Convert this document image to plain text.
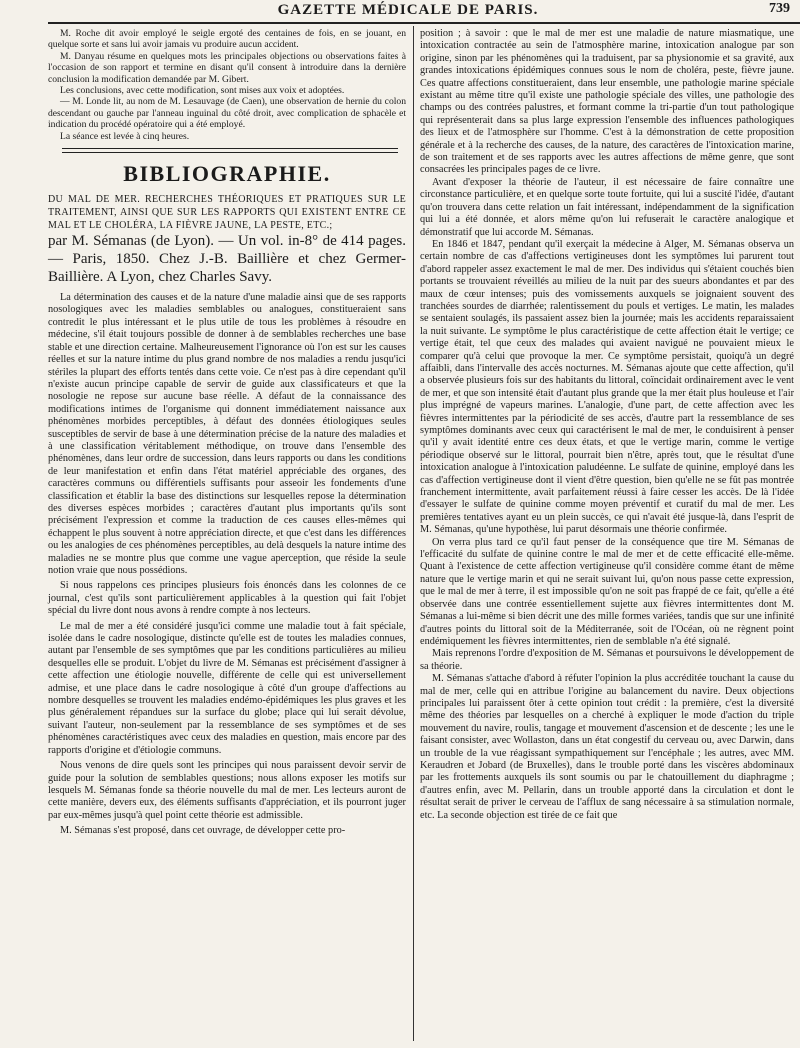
GAZETTE MÉDICALE DE PARIS.	739

M. Roche dit avoir employé le seigle ergoté des centaines de fois, en se jouant, en quelque sorte et sans lui avoir jamais vu produire aucun accident.

M. Danyau résume en quelques mots les principales objections ou observations faites à l'occasion de son rapport et termine en disant qu'il consent à introduire dans la dernière conclusion la modification demandée par M. Gibert.

Les conclusions, avec cette modification, sont mises aux voix et adoptées.

— M. Londe lit, au nom de M. Lesauvage (de Caen), une observation de hernie du colon descendant ou gauche par l'anneau inguinal du côté droit, avec complication de sphacèle et indication du procédé opératoire qui a été employé.

La séance est levée à cinq heures.

BIBLIOGRAPHIE.

DU MAL DE MER. RECHERCHES THÉORIQUES ET PRATIQUES SUR LE TRAITEMENT, AINSI QUE SUR LES RAPPORTS QUI EXISTENT ENTRE CE MAL ET LE CHOLÉRA, LA FIÈVRE JAUNE, LA PESTE, ETC.;

par M. Sémanas (de Lyon). — Un vol. in-8° de 414 pages. — Paris, 1850. Chez J.-B. Baillière et chez Germer-Baillière. A Lyon, chez Charles Savy.

La détermination des causes et de la nature d'une maladie ainsi que de ses rapports nosologiques avec les maladies semblables ou analogues, constitueraient sans contredit le plus intéressant et le plus utile de tous les problèmes à résoudre en médecine, s'il était toujours possible de donner à de semblables recherches une base stable et une direction certaine. Malheureusement l'ignorance où l'on est sur les causes réelles et sur la nature intime du plus grand nombre de nos maladies a rendu jusqu'ici stériles la plupart des efforts tentés dans cette voie. Ce n'est pas à dire cependant qu'il n'existe aucun principe capable de servir de guide aux classificateurs et que la nosologie ne repose sur aucune base réelle. A défaut de la connaissance des modifications intimes de l'organisme qui donnent immédiatement naissance aux phénomènes morbides perceptibles, à défaut des données étiologiques seules susceptibles de servir de base à une détermination précise de la nature des maladies et à une classification véritablement méthodique, on trouve dans l'ensemble des phénomènes, dans leur ordre de succession, dans leurs rapports ou dans les conditions de leur manifestation et enfin dans l'état matériel appréciable des organes, des caractères communs ou différentiels suffisants pour asseoir les fondements d'une classification et établir la base des distinctions sur lesquelles repose la détermination des diverses espèces morbides ; caractères d'autant plus importants qu'ils sont précisément l'expression et comme la traduction de ces causes elles-mêmes qui échappent le plus souvent à notre appréciation directe, et que c'est dans les différences ou les analogies de ces phénomènes perceptibles, au delà desquels la nature intime des maladies ne se montre plus que comme une vague aperception, que réside la seule notion vraie que nous possédions.

Si nous rappelons ces principes plusieurs fois énoncés dans les colonnes de ce journal, c'est qu'ils sont particulièrement applicables à la question qui fait l'objet spécial du livre dont nous avons à rendre compte à nos lecteurs.

Le mal de mer a été considéré jusqu'ici comme une maladie tout à fait spéciale, isolée dans le cadre nosologique, distincte qu'elle est de toutes les maladies connues, autant par l'ensemble de ses symptômes que par les conditions particulières au milieu desquelles elle se produit. L'objet du livre de M. Sémanas est précisément d'assigner à cette affection une étiologie nouvelle, différente de celle qui est universellement admise, et une place dans le cadre nosologique à côté d'un groupe d'affections au nombre desquelles se trouvent les maladies endémo-épidémiques les plus graves et les plus généralement répandues sur la surface du globe; place qui lui serait dévolue, suivant l'auteur, non-seulement par la ressemblance de ses symptômes et de ses phénomènes caractéristiques avec ceux des maladies en question, mais encore par des rapports d'origine et d'étiologie communs.

Nous venons de dire quels sont les principes qui nous paraissent devoir servir de guide pour la solution de semblables questions; nous allons exposer les motifs sur lesquels M. Sémanas fonde sa théorie nouvelle du mal de mer. Les lecteurs auront de cette manière, devers eux, des éléments suffisants d'appréciation, et ils pourront juger par eux-mêmes jusqu'à quel point cette théorie est admissible.

M. Sémanas s'est proposé, dans cet ouvrage, de développer cette pro-

position ; à savoir : que le mal de mer est une maladie de nature miasmatique, une intoxication contractée au sein de l'atmosphère marine, intoxication analogue par son origine, sinon par les phénomènes qui la traduisent, par sa physionomie et sa gravité, aux grandes intoxications épidémiques connues sous le nom de choléra, peste, fièvre jaune. Ces quatre affections constitueraient, dans leur ensemble, une pathologie marine spéciale existant au même titre qu'il existe une pathologie spéciale des villes, une pathologie des champs ou des contrées palustres, et formant comme la tri-partie d'un tout pathologique qui représenterait dans sa plus large expression l'ensemble des influences pathologiques des lieux et de l'atmosphère sur l'homme. C'est à la démonstration de cette proposition générale et à la recherche des causes, de la nature, des caractères de l'intoxication marine, de son traitement et de ses rapports avec les autres affections de même genre, que sont consacrées les principales pages de ce livre.

Avant d'exposer la théorie de l'auteur, il est nécessaire de faire connaître une circonstance particulière, et en quelque sorte toute fortuite, qui lui a suscité l'idée, d'autant qu'on trouvera dans cette relation un fait intéressant, indépendamment de la signification qui lui a été donnée, et alors même qu'on lui refuserait le caractère analogique et démonstratif que lui accorde M. Sémanas.

En 1846 et 1847, pendant qu'il exerçait la médecine à Alger, M. Sémanas observa un certain nombre de cas d'affections vertigineuses dont les symptômes lui parurent tout d'abord rappeler assez exactement le mal de mer. Des individus qui s'étaient couchés bien portants se trouvaient réveillés au milieu de la nuit par des sueurs abondantes et par des maux de cœur intenses; puis des vomissements auxquels se joignaient souvent des tranchées sourdes de diarrhée; ralentissement du pouls et vertiges. Le matin, les malades se sentaient soulagés, ils passaient assez bien la journée; mais les accidents reparaissaient la nuit suivante. Le symptôme le plus caractéristique de cette affection était le vertige; ce vertige était, tel que ceux des malades qui avaient navigué ne pouvaient mieux le comparer qu'à celui que provoque la mer. Ce symptôme persistait, quoiqu'à un degré affaibli, dans l'intervalle des accès nocturnes. M. Sémanas ajoute que cette affection, qu'il a observée plusieurs fois sur des habitants du littoral, coïncidait ordinairement avec le vent de mer, et que son intensité était d'autant plus grande que la mer était plus houleuse et l'air plus imprégné de vapeurs marines. L'analogie, d'une part, de cette affection avec les fièvres intermittentes par la périodicité de ses accès, d'autre part la ressemblance de ses symptômes dominants avec ceux qui caractérisent le mal de mer, le conduisirent à penser qu'il y avait identité entre ces deux états, et que le vertige marin, comme le vertige périodique observé sur le littoral, pourrait bien n'être, après tout, que le résultat d'une intoxication analogue à l'intoxication paludéenne. Le sulfate de quinine, employé dans les cas d'affection vertigineuse dont il vient d'être question, bien qu'elle ne se fût pas montrée franchement intermittente, avait parfaitement réussi à faire cesser les accès. De là l'idée d'essayer le sulfate de quinine comme moyen préventif et curatif du mal de mer. Les premières tentatives ayant eu un plein succès, ce qui n'avait été jusque-là, dans l'esprit de M. Sémanas, qu'une hypothèse, lui parut désormais une théorie confirmée.

On verra plus tard ce qu'il faut penser de la conséquence que tire M. Sémanas de l'efficacité du sulfate de quinine contre le mal de mer et de cette efficacité elle-même. Quant à l'existence de cette affection vertigineuse qu'il considère comme étant de même nature que le vertige marin et qui ne serait suivant lui, qu'on nous passe cette expression, que le mal de mer à terre, il est impossible qu'on ne soit pas frappé de ce fait, qu'elle a été observée dans une contrée essentiellement sujette aux fièvres intermittentes dont M. Sémanas a lui-même si bien décrit une des mille formes variées, tandis que sur une infinité d'autres points du littoral soit de la Méditerranée, soit de l'Océan, où ne règnent point endémiquement les fièvres intermittentes, rien de semblable n'a été signalé.

Mais reprenons l'ordre d'exposition de M. Sémanas et poursuivons le développement de sa théorie.

M. Sémanas s'attache d'abord à réfuter l'opinion la plus accréditée touchant la cause du mal de mer, celle qui en attribue l'origine au balancement du navire. Deux objections principales lui paraissent ôter à cette opinion tout crédit : la première, c'est la diversité même des théories par lesquelles on a cherché à expliquer le mode d'action du triple mouvement du navire, roulis, tangage et mouvement d'ascension et de descente ; les une le faisant consister, avec Wollaston, dans un état congestif du cerveau ou, avec Darwin, dans un trouble de la vue réagissant sympathiquement sur l'encéphale ; les autres, avec MM. Keraudren et Jobard (de Bruxelles), dans le trouble porté dans les viscères abdominaux par les frottements auxquels ils sont soumis ou par le chatouillement du diaphragme ; d'autres enfin, avec M. Pellarin, dans un trouble apporté dans la circulation et dont le résultat serait de priver le cerveau de l'afflux de sang nécessaire à sa stimulation normale, etc. La seconde objection est tirée de ce fait que
